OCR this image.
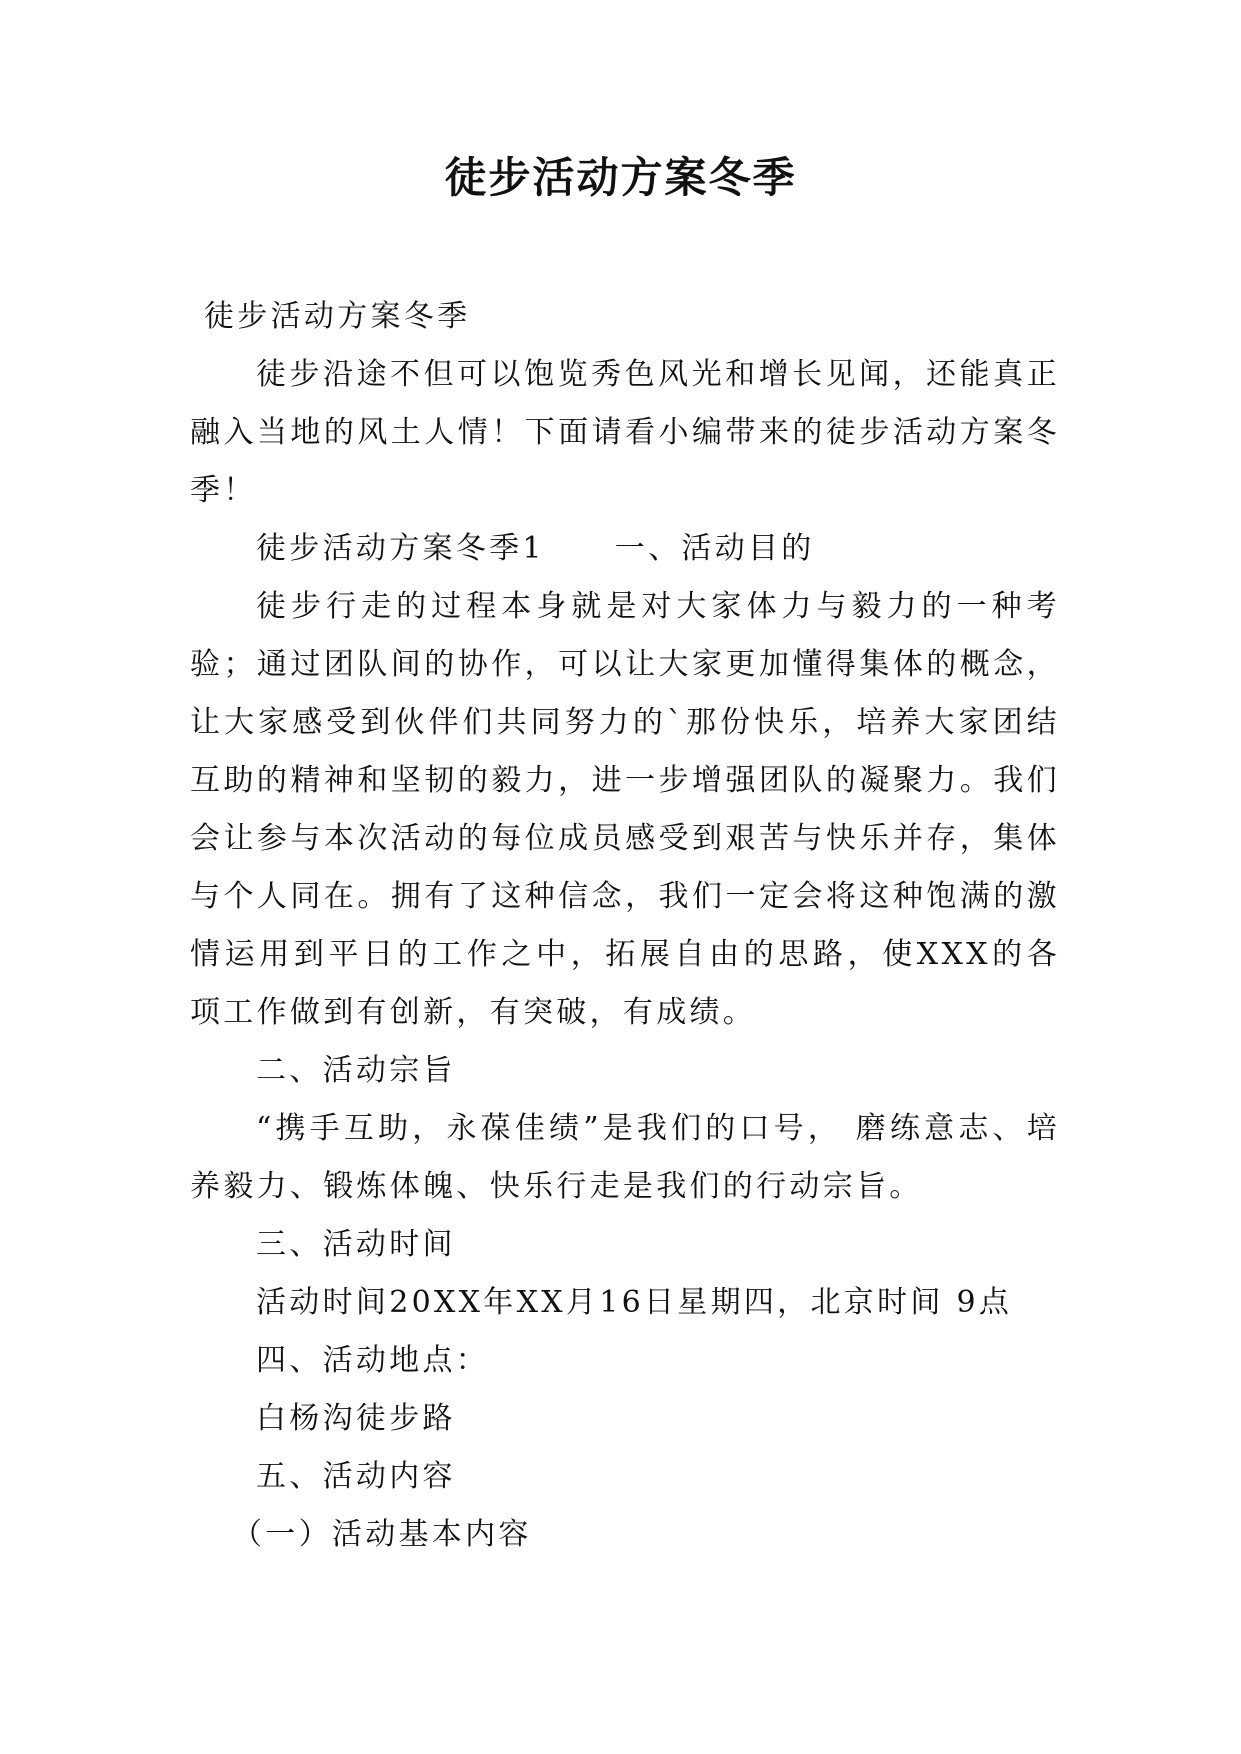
徒步活动方案冬季

徒步活动方案冬季

徒步沿途不但可以饱览秀色风光和增长见闻，还能真正融入当地的风土人情！下面请看小编带来的徒步活动方案冬季！

徒步活动方案冬季1 一、活动目的

徒步行走的过程本身就是对大家体力与毅力的一种考验；通过团队间的协作，可以让大家更加懂得集体的概念，让大家感受到伙伴们共同努力的`那份快乐，培养大家团结互助的精神和坚韧的毅力，进一步增强团队的凝聚力。我们会让参与本次活动的每位成员感受到艰苦与快乐并存，集体与个人同在。拥有了这种信念，我们一定会将这种饱满的激情运用到平日的工作之中，拓展自由的思路，使XXX的各项工作做到有创新，有突破，有成绩。

二、活动宗旨

“携手互助，永葆佳绩”是我们的口号， 磨练意志、培养毅力、锻炼体魄、快乐行走是我们的行动宗旨。

三、活动时间

活动时间20XX年XX月16日星期四，北京时间 9点

四、活动地点：

白杨沟徒步路

五、活动内容

（一）活动基本内容
